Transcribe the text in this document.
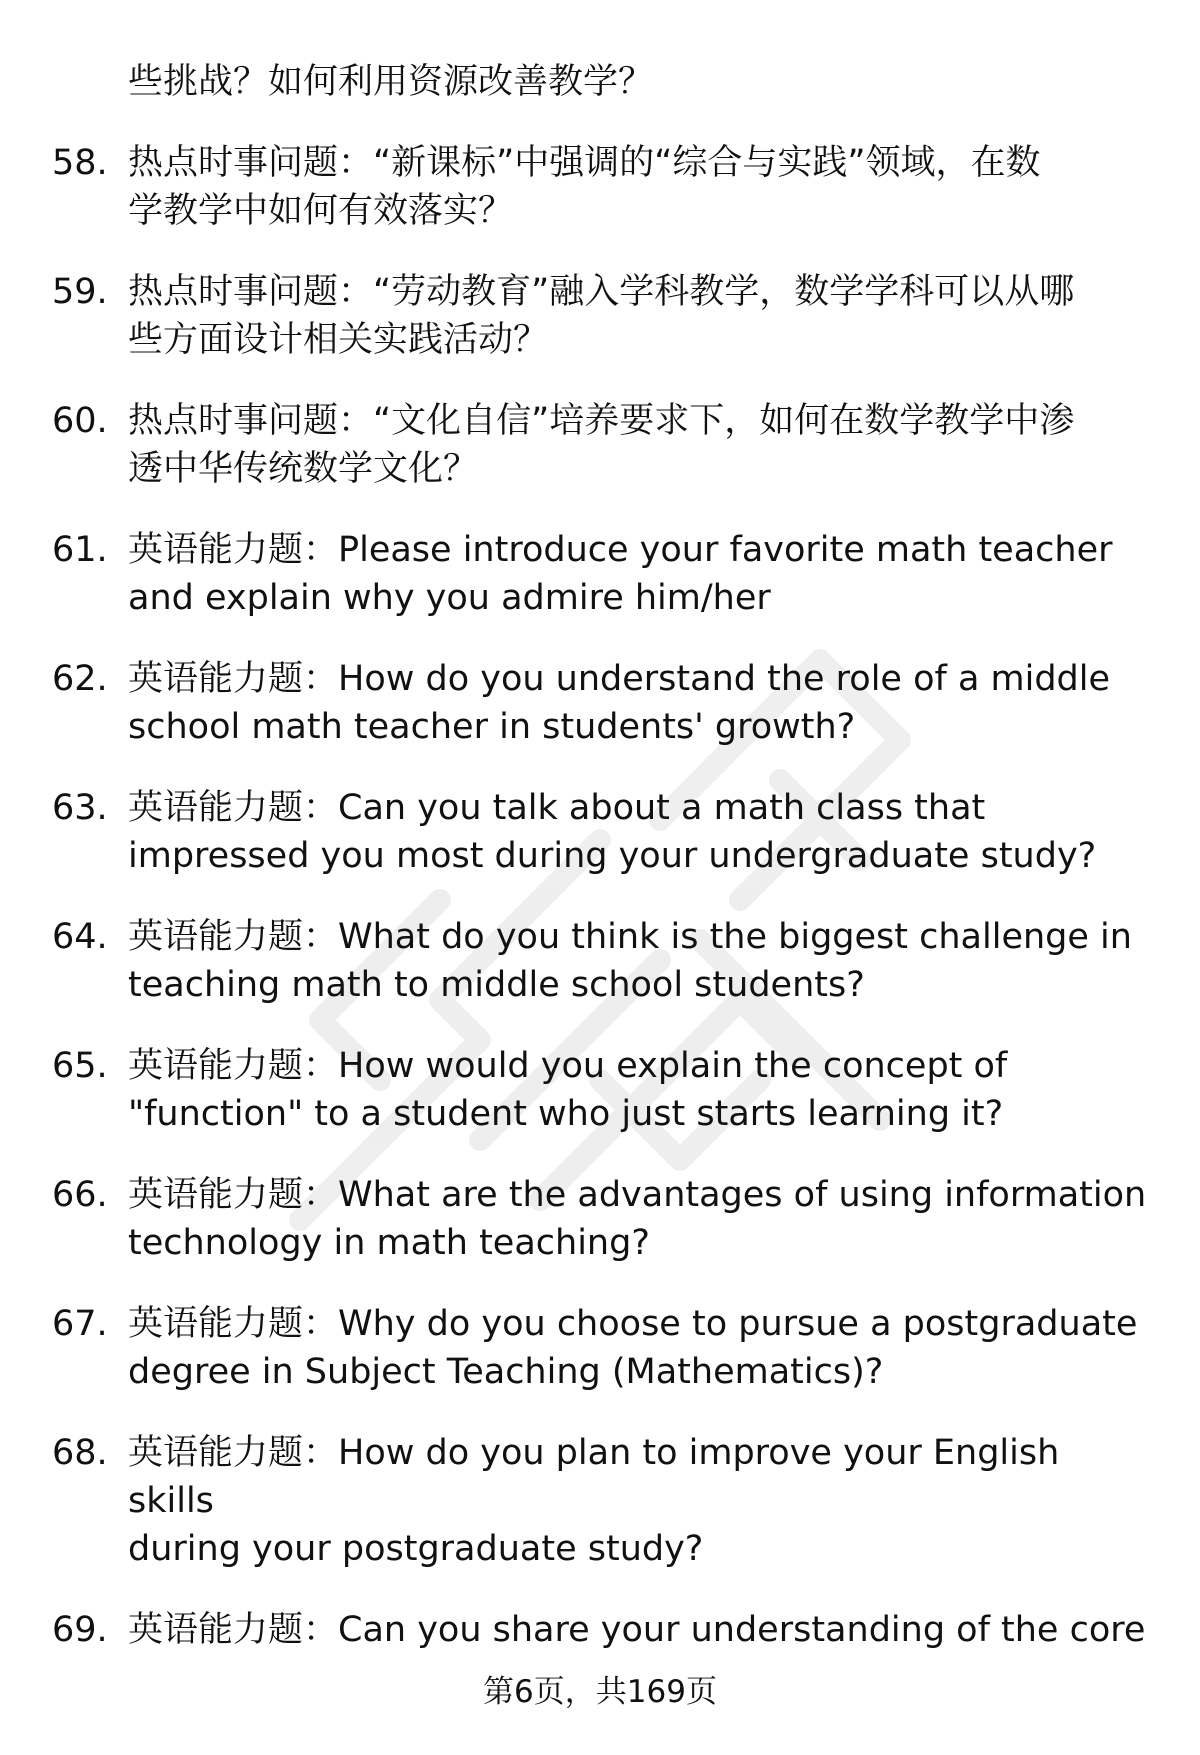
些挑战？如何利用资源改善教学？
58. 热点时事问题：“新课标”中强调的“综合与实践”领域，在数
学教学中如何有效落实？
59. 热点时事问题：“劳动教育”融入学科教学，数学学科可以从哪
些方面设计相关实践活动？
60. 热点时事问题：“文化自信”培养要求下，如何在数学教学中渗
透中华传统数学文化？
61. 英语能力题：Please introduce your favorite math teacher
and explain why you admire him/her
62. 英语能力题：How do you understand the role of a middle
school math teacher in students' growth?
63. 英语能力题：Can you talk about a math class that
impressed you most during your undergraduate study?
64. 英语能力题：What do you think is the biggest challenge in
teaching math to middle school students?
65. 英语能力题：How would you explain the concept of
"function" to a student who just starts learning it?
66. 英语能力题：What are the advantages of using information
technology in math teaching?
67. 英语能力题：Why do you choose to pursue a postgraduate
degree in Subject Teaching (Mathematics)?
68. 英语能力题：How do you plan to improve your English skills
during your postgraduate study?
69. 英语能力题：Can you share your understanding of the core
第6页，共169页
